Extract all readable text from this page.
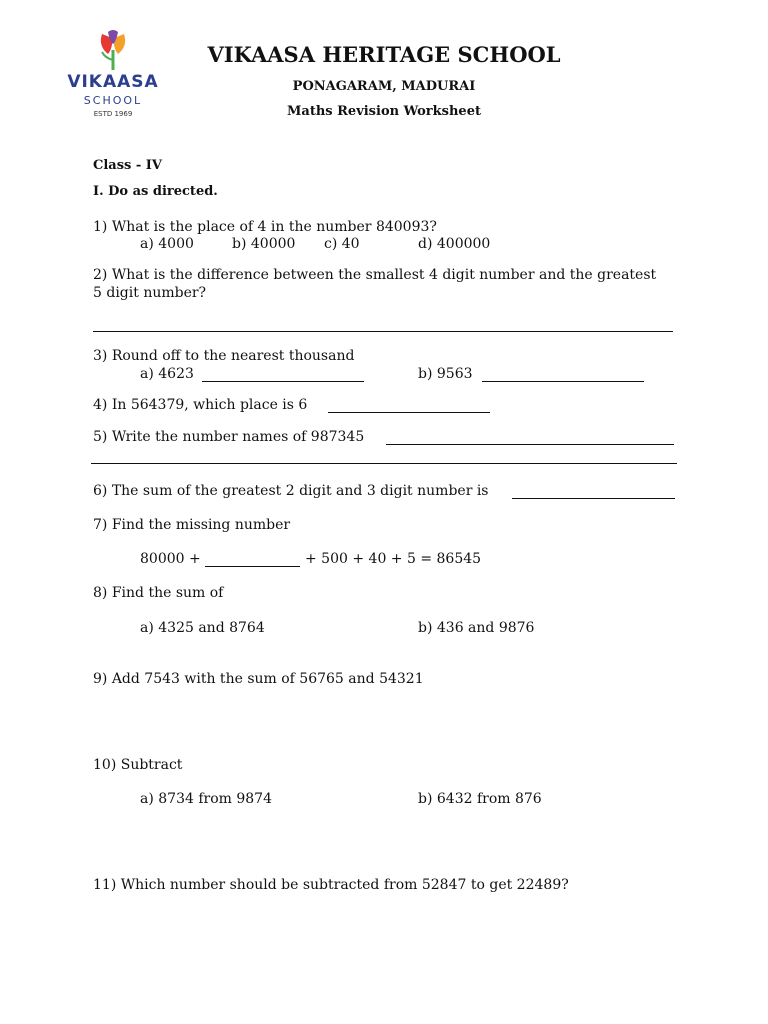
VIKAASA
SCHOOL
ESTD 1969
VIKAASA HERITAGE SCHOOL
PONAGARAM, MADURAI
Maths Revision Worksheet
Class - IV
I. Do as directed.
1) What is the place of 4 in the number 840093?
a) 4000	b) 40000 c) 40	d) 400000
2) What is the difference between the smallest 4 digit number and the greatest
5 digit number?
3) Round off to the nearest thousand
a) 4623	b) 9563
4) In 564379, which place is 6
5) Write the number names of 987345
6) The sum of the greatest 2 digit and 3 digit number is
7) Find the missing number
80000 +	+ 500 + 40 + 5 = 86545
8) Find the sum of
a) 4325 and 8764	b) 436 and 9876
9) Add 7543 with the sum of 56765 and 54321
10) Subtract
a) 8734 from 9874	b) 6432 from 876
11) Which number should be subtracted from 52847 to get 22489?
